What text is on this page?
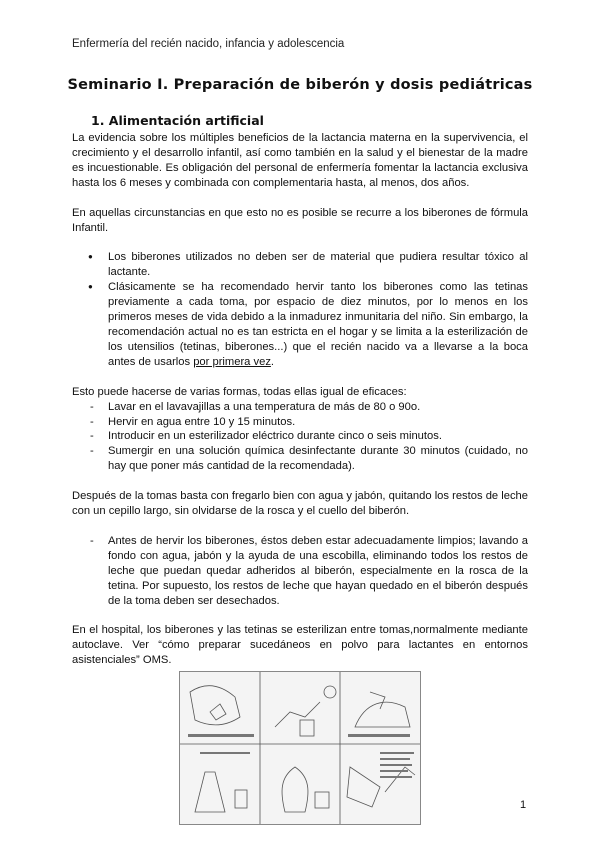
Enfermería del recién nacido, infancia y adolescencia
Seminario I. Preparación de biberón y dosis pediátricas
1. Alimentación artificial

La evidencia sobre los múltiples beneficios de la lactancia materna en la supervivencia, el crecimiento y el desarrollo infantil, así como también en la salud y el bienestar de la madre es incuestionable. Es obligación del personal de enfermería fomentar la lactancia exclusiva hasta los 6 meses y combinada con complementaria hasta, al menos, dos años.

En aquellas circunstancias en que esto no es posible se recurre a los biberones de fórmula Infantil.

● Los biberones utilizados no deben ser de material que pudiera resultar tóxico al lactante.
● Clásicamente se ha recomendado hervir tanto los biberones como las tetinas previamente a cada toma, por espacio de diez minutos, por lo menos en los primeros meses de vida debido a la inmadurez inmunitaria del niño. Sin embargo, la recomendación actual no es tan estricta en el hogar y se limita a la esterilización de los utensilios (tetinas, biberones...) que el recién nacido va a llevarse a la boca antes de usarlos por primera vez.

Esto puede hacerse de varias formas, todas ellas igual de eficaces:

- Lavar en el lavavajillas a una temperatura de más de 80 o 90o.
- Hervir en agua entre 10 y 15 minutos.
- Introducir en un esterilizador eléctrico durante cinco o seis minutos.
- Sumergir en una solución química desinfectante durante 30 minutos (cuidado, no hay que poner más cantidad de la recomendada).

Después de la tomas basta con fregarlo bien con agua y jabón, quitando los restos de leche con un cepillo largo, sin olvidarse de la rosca y el cuello del biberón.

- Antes de hervir los biberones, éstos deben estar adecuadamente limpios; lavando a fondo con agua, jabón y la ayuda de una escobilla, eliminando todos los restos de leche que puedan quedar adheridos al biberón, especialmente en la rosca de la tetina. Por supuesto, los restos de leche que hayan quedado en el biberón después de la toma deben ser desechados.

En el hospital, los biberones y las tetinas se esterilizan entre tomas,normalmente mediante autoclave. Ver “cómo preparar sucedáneos en polvo para lactantes en entornos asistenciales” OMS.

1
